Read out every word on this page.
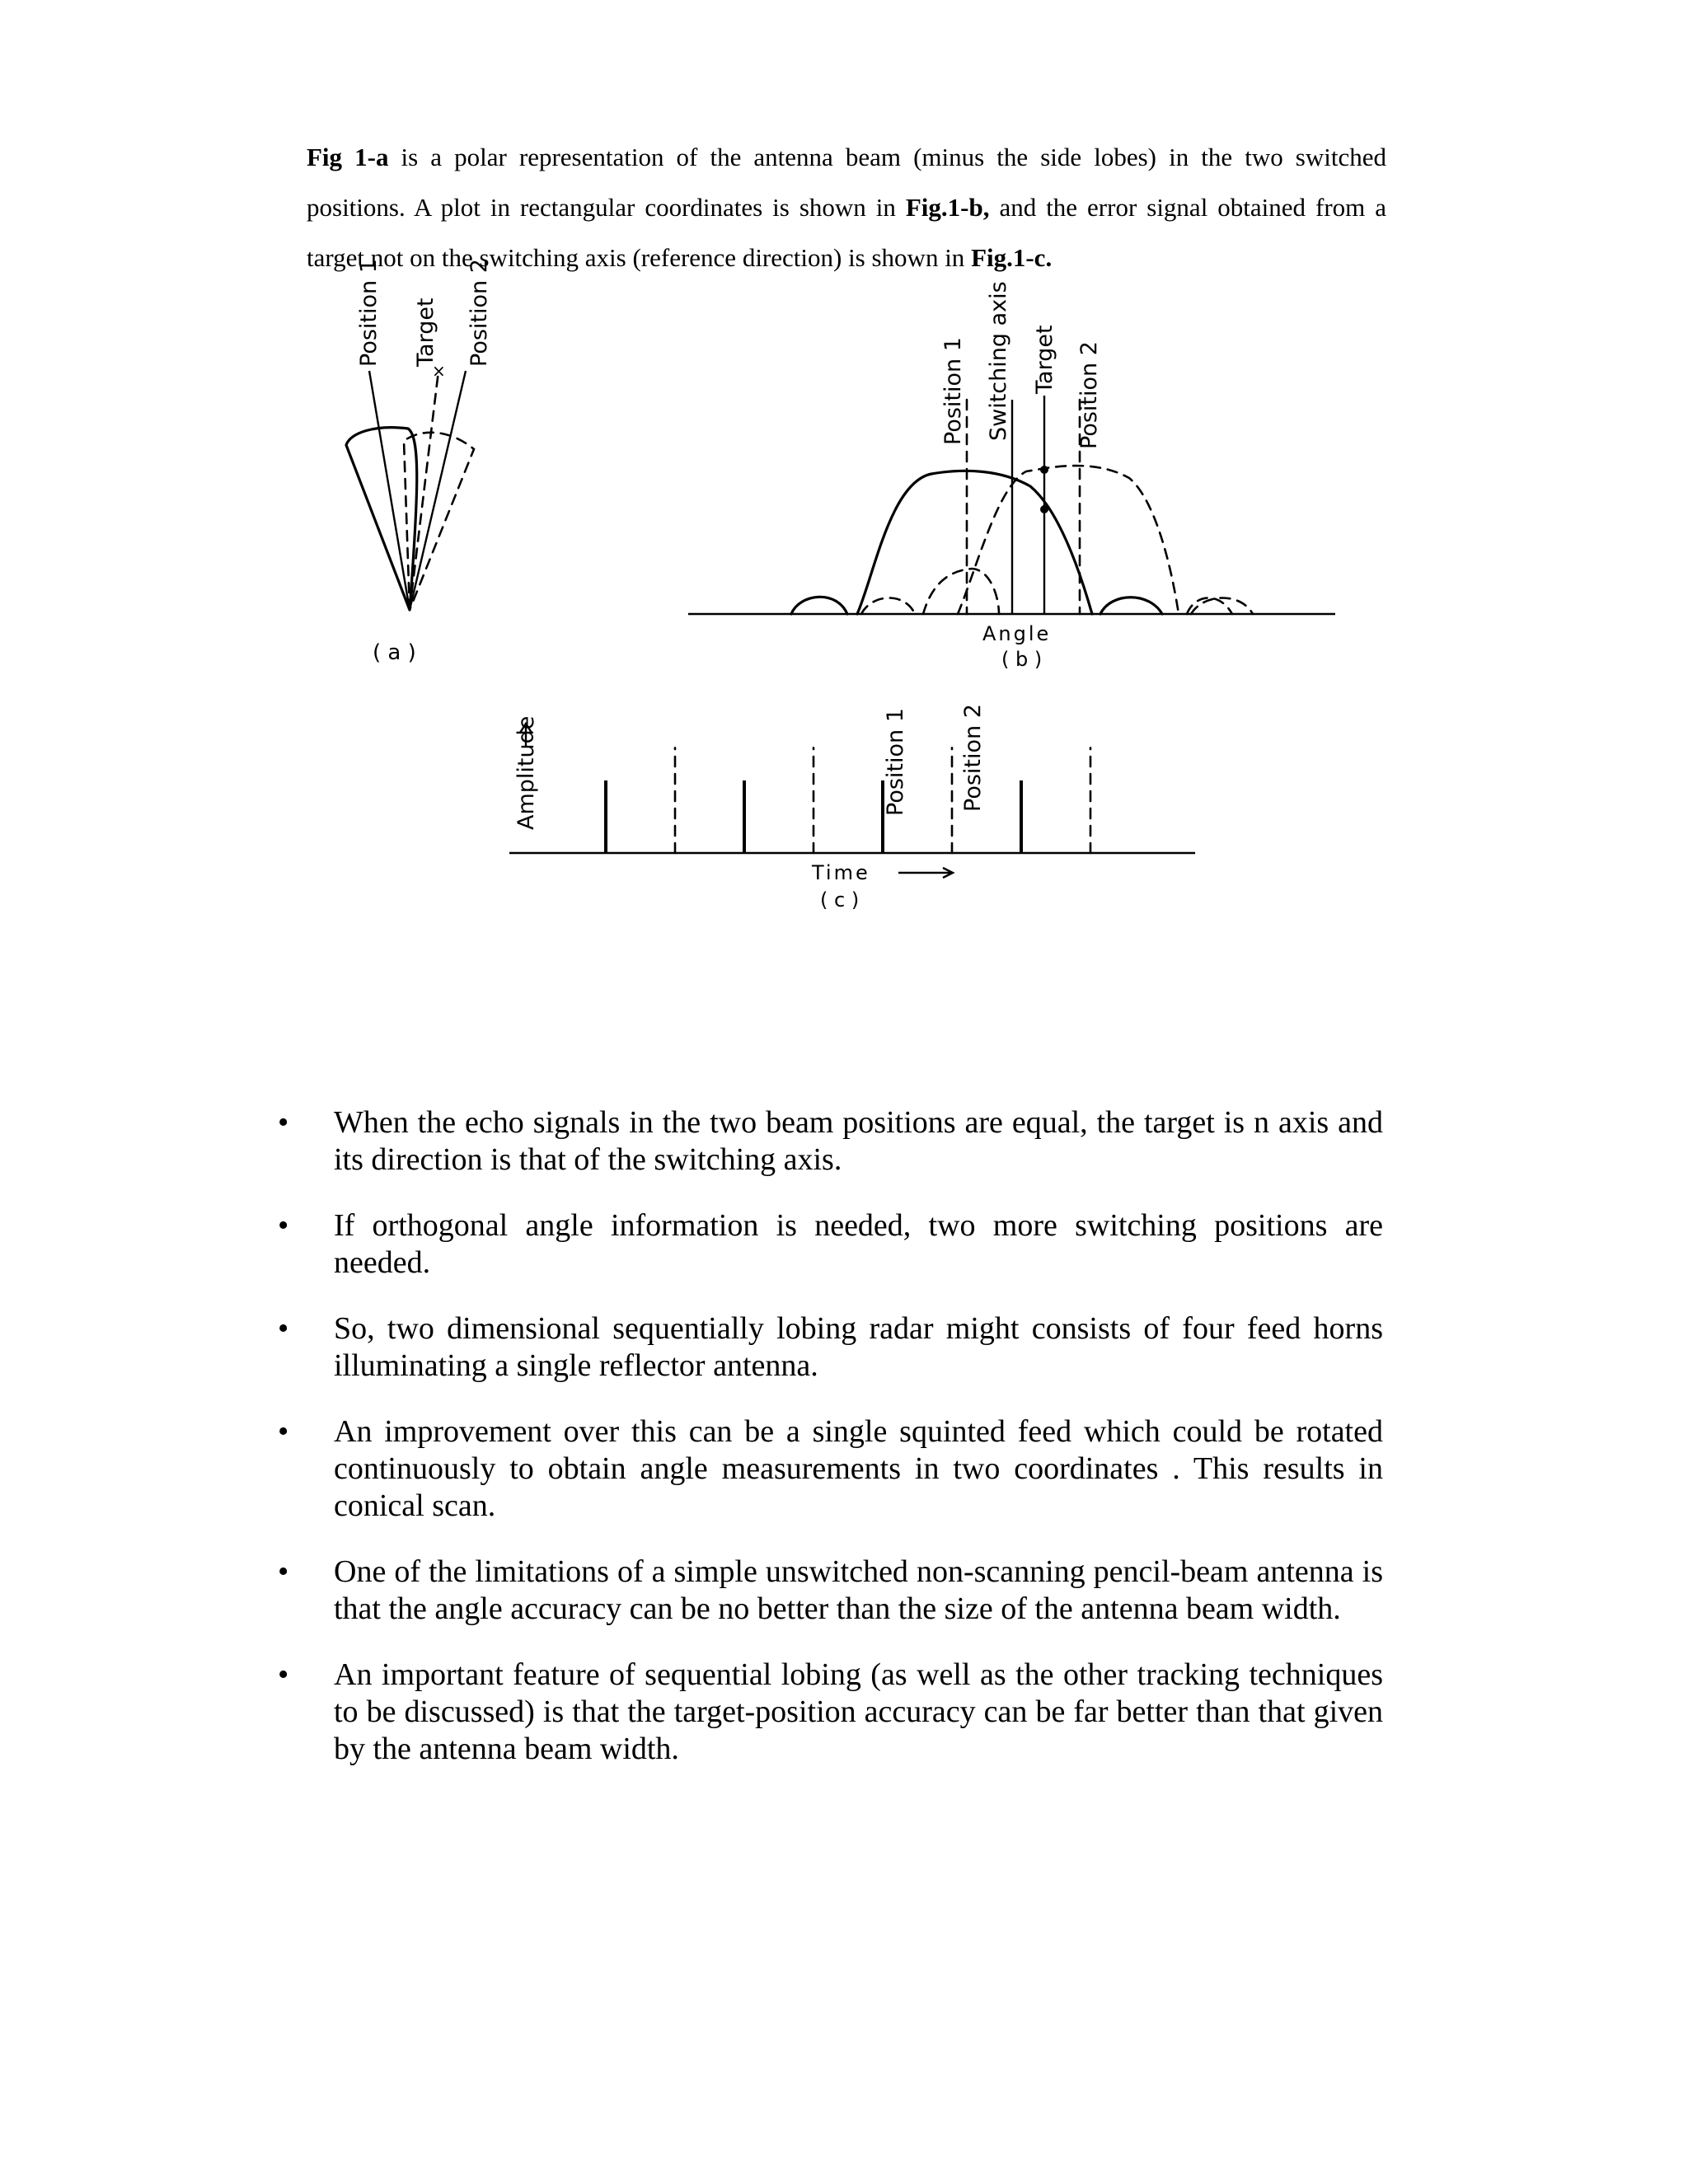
Fig 1-a is a polar representation of the antenna beam (minus the side lobes) in the two switched positions. A plot in rectangular coordinates is shown in Fig.1-b, and the error signal obtained from a target not on the switching axis (reference direction) is shown in Fig.1-c.
×
Position 1 Target Position 2
( a )
Position 1 Switching axis Target Position 2
Angle
( b )
Amplitude	Position 1 Position 2
Time
( c )
• When the echo signals in the two beam positions are equal, the target is n axis and its direction is that of the switching axis.
• If orthogonal angle information is needed, two more switching positions are needed.
• So, two dimensional sequentially lobing radar might consists of four feed horns illuminating a single reflector antenna.
• An improvement over this can be a single squinted feed which could be rotated continuously to obtain angle measurements in two coordinates . This results in conical scan.
• One of the limitations of a simple unswitched non-scanning pencil-beam antenna is that the angle accuracy can be no better than the size of the antenna beam width.
• An important feature of sequential lobing (as well as the other tracking techniques to be discussed) is that the target-position accuracy can be far better than that given by the antenna beam width.
